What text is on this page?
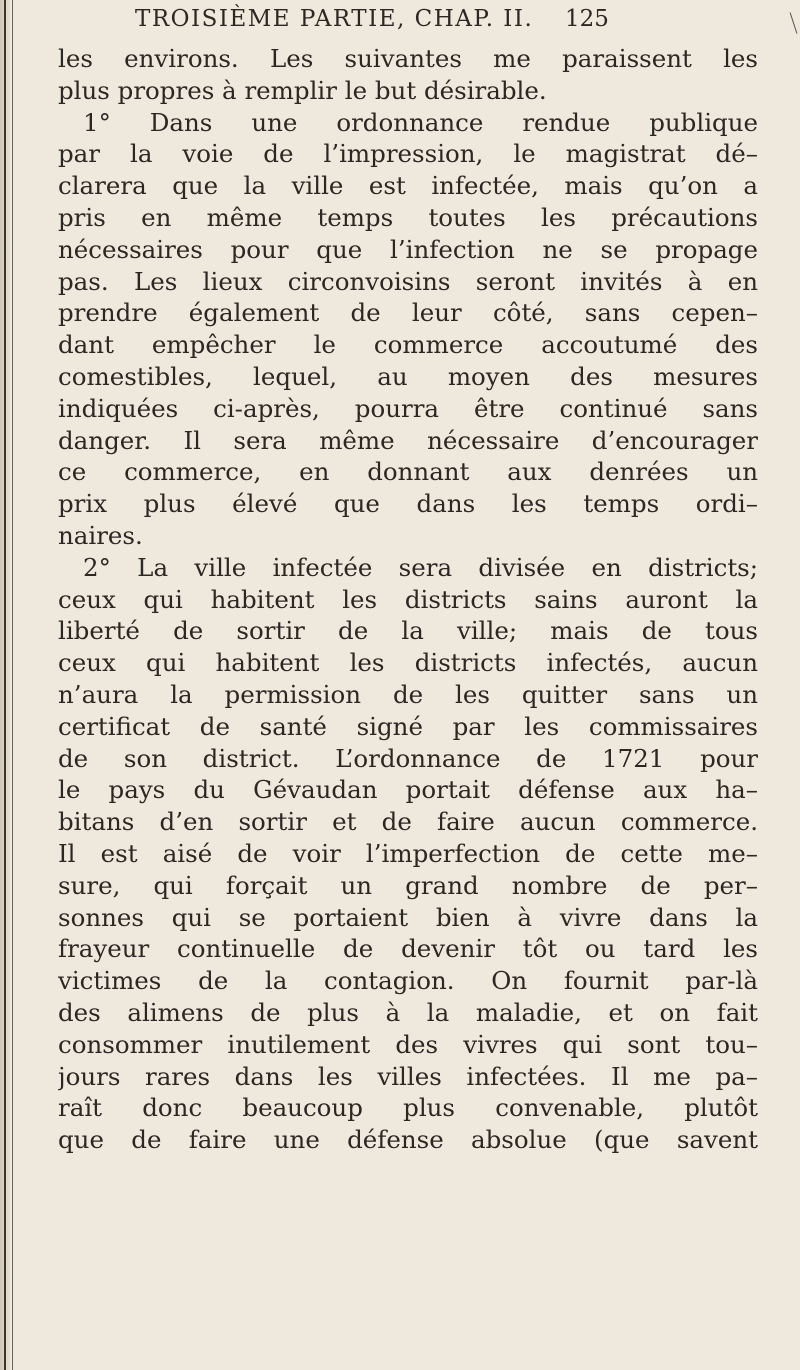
TROISIÈME PARTIE, CHAP. II. 125
les environs. Les suivantes me paraissent les
plus propres à remplir le but désirable.
1° Dans une ordonnance rendue publique
par la voie de l’impression, le magistrat dé–
clarera que la ville est infectée, mais qu’on a
pris en même temps toutes les précautions
nécessaires pour que l’infection ne se propage
pas. Les lieux circonvoisins seront invités à en
prendre également de leur côté, sans cepen–
dant empêcher le commerce accoutumé des
comestibles, lequel, au moyen des mesures
indiquées ci-après, pourra être continué sans
danger. Il sera même nécessaire d’encourager
ce commerce, en donnant aux denrées un
prix plus élevé que dans les temps ordi–
naires.
2° La ville infectée sera divisée en districts;
ceux qui habitent les districts sains auront la
liberté de sortir de la ville; mais de tous
ceux qui habitent les districts infectés, aucun
n’aura la permission de les quitter sans un
certificat de santé signé par les commissaires
de son district. L’ordonnance de 1721 pour
le pays du Gévaudan portait défense aux ha–
bitans d’en sortir et de faire aucun commerce.
Il est aisé de voir l’imperfection de cette me–
sure, qui forçait un grand nombre de per–
sonnes qui se portaient bien à vivre dans la
frayeur continuelle de devenir tôt ou tard les
victimes de la contagion. On fournit par-là
des alimens de plus à la maladie, et on fait
consommer inutilement des vivres qui sont tou–
jours rares dans les villes infectées. Il me pa–
raît donc beaucoup plus convenable, plutôt
que de faire une défense absolue (que savent
